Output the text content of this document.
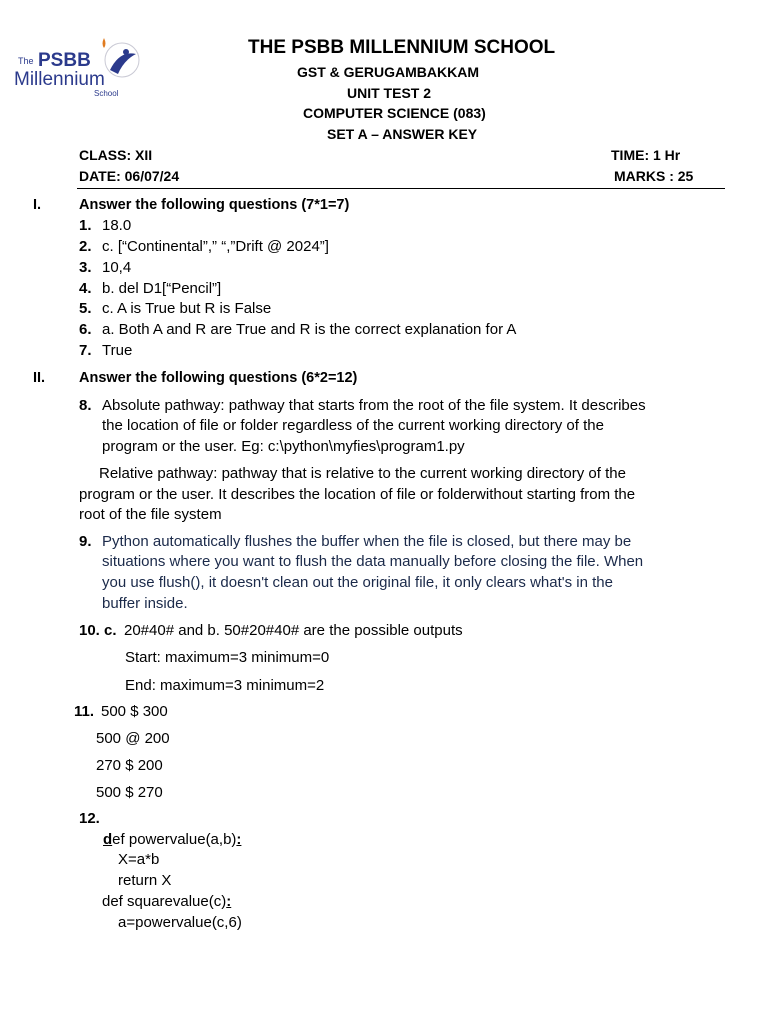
The PSBB
Millennium
School
THE PSBB MILLENNIUM SCHOOL
GST & GERUGAMBAKKAM
UNIT TEST 2
COMPUTER SCIENCE (083)
SET A – ANSWER KEY
CLASS: XII	TIME: 1 Hr
DATE: 06/07/24	MARKS : 25
I.	Answer the following questions (7*1=7)
1. 18.0
2. c. [“Continental”,” “,”Drift @ 2024”]
3. 10,4
4. b. del D1[“Pencil”]
5. c. A is True but R is False
6. a. Both A and R are True and R is the correct explanation for A
7. True
II. Answer the following questions (6*2=12)
8. Absolute pathway: pathway that starts from the root of the file system. It describes
the location of file or folder regardless of the current working directory of the
program or the user. Eg: c:\python\myfies\program1.py
Relative pathway: pathway that is relative to the current working directory of the
program or the user. It describes the location of file or folderwithout starting from the
root of the file system
9. Python automatically flushes the buffer when the file is closed, but there may be
situations where you want to flush the data manually before closing the file. When
you use flush(), it doesn't clean out the original file, it only clears what's in the
buffer inside.
10. c. 20#40# and b. 50#20#40# are the possible outputs
Start: maximum=3 minimum=0
End: maximum=3 minimum=2
11. 500 $ 300
500 @ 200
270 $ 200
500 $ 270
12.
def powervalue(a,b):
X=a*b
return X
def squarevalue(c):
a=powervalue(c,6)
